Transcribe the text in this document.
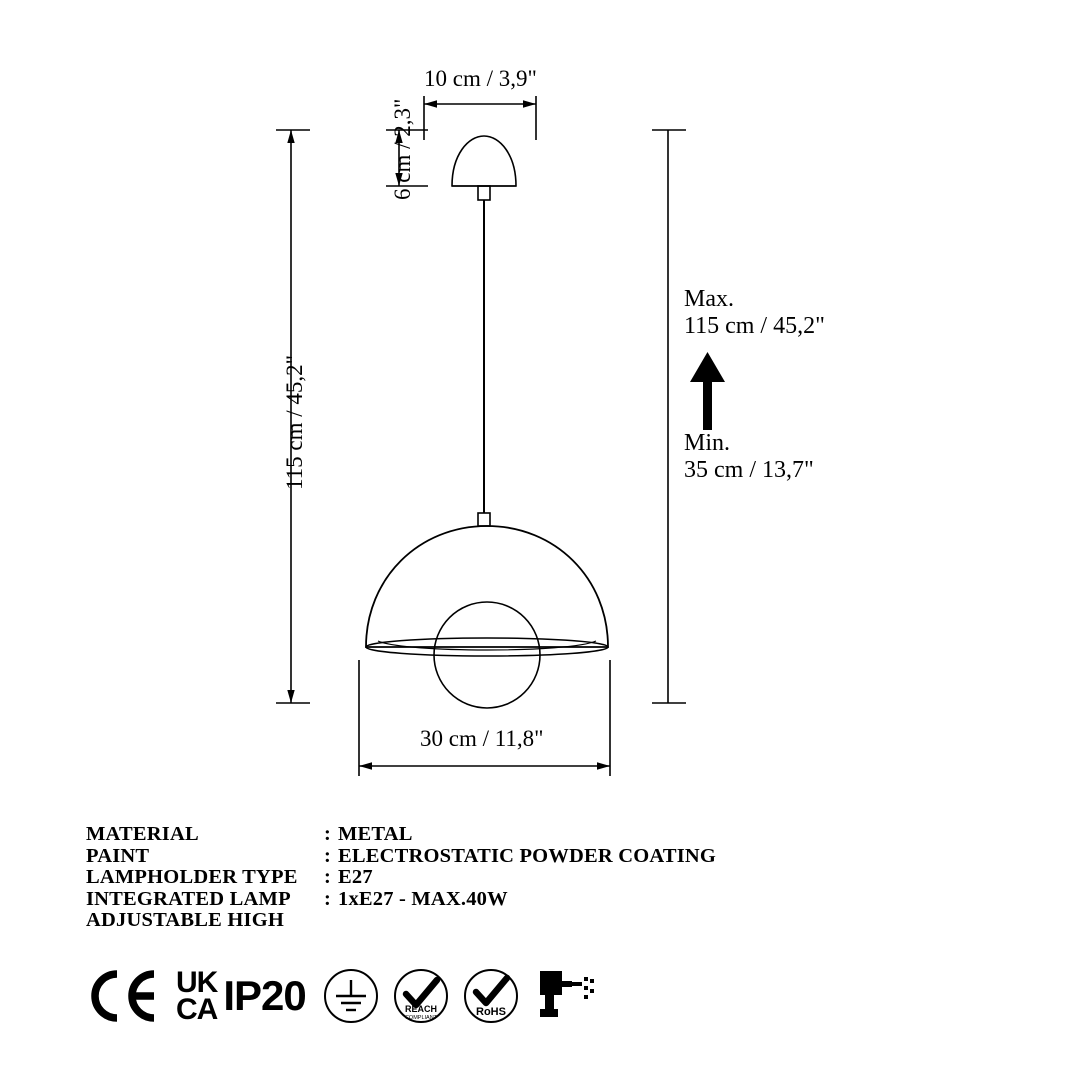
10 cm / 3,9"
6 cm / 2,3"
115 cm / 45,2"
Max.
115 cm / 45,2"
Min.
35 cm / 13,7"
30 cm / 11,8"
MATERIAL	: METAL
PAINT	: ELECTROSTATIC POWDER COATING
LAMPHOLDER TYPE	: E27
INTEGRATED LAMP	: 1xE27 - MAX.40W
ADJUSTABLE HIGH
UK
CA IP20	REACH
COMPLIANT	RoHS
